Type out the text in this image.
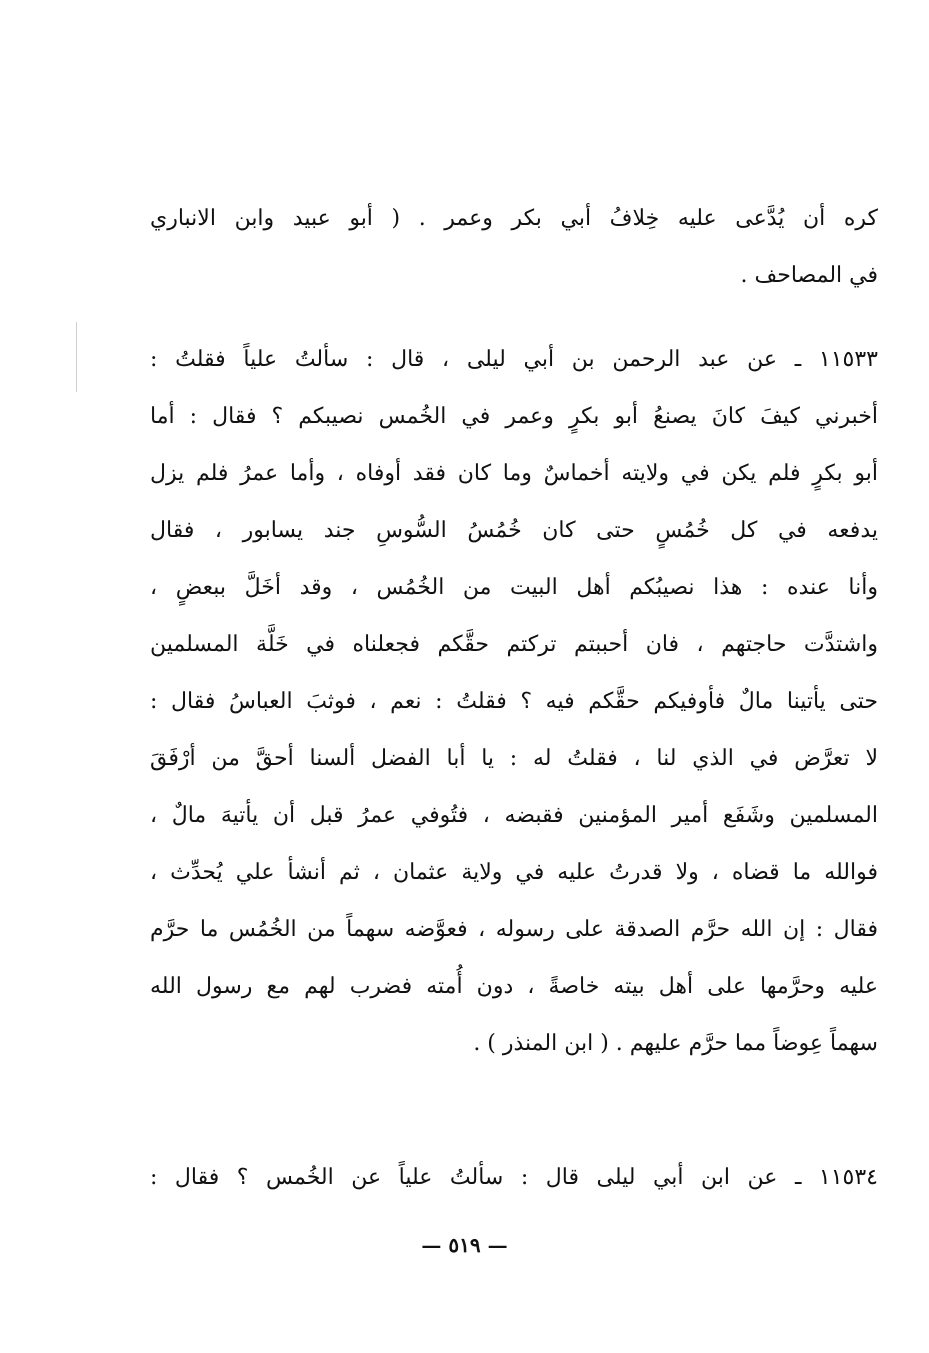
كره أن يُدَّعى عليه خِلافُ أبي بكر وعمر . ( أبو عبيد وابن الانباري
في المصاحف .
١١٥٣٣ ـ عن عبد الرحمن بن أبي ليلى ، قال : سألتُ علياً فقلتُ :
أخبرني كيفَ كانَ يصنعُ أبو بكرٍ وعمر في الخُمس نصيبكم ؟ فقال : أما
أبو بكرٍ فلم يكن في ولايته أخماسٌ وما كان فقد أوفاه ، وأما عمرُ فلم يزل
يدفعه في كل خُمُسٍ حتى كان خُمُسُ السُّوسِ جند يسابور ، فقال
وأنا عنده : هذا نصيبُكم أهل البيت من الخُمُس ، وقد أخَلَّ ببعضٍ ،
واشتدَّت حاجتهم ، فان أحببتم تركتم حقَّكم فجعلناه في خَلَّة المسلمين
حتى يأتينا مالٌ فأوفيكم حقَّكم فيه ؟ فقلتُ : نعم ، فوثبَ العباسُ فقال :
لا تعرَّض في الذي لنا ، فقلتُ له : يا أبا الفضل ألسنا أحقَّ من أرْفَقَ
المسلمين وشَفَع أمير المؤمنين فقبضه ، فتُوفي عمرُ قبل أن يأتيهَ مالٌ ،
فوالله ما قضاه ، ولا قدرتُ عليه في ولاية عثمان ، ثم أنشأ علي يُحدِّث ،
فقال : إن الله حرَّم الصدقة على رسوله ، فعوَّضه سهماً من الخُمُس ما حرَّم
عليه وحرَّمها على أهل بيته خاصةً ، دون أُمته فضرب لهم مع رسول الله
سهماً عِوضاً مما حرَّم عليهم . ( ابن المنذر ) .
١١٥٣٤ ـ عن ابن أبي ليلى قال : سألتُ علياً عن الخُمس ؟ فقال :
— ٥١٩ —
